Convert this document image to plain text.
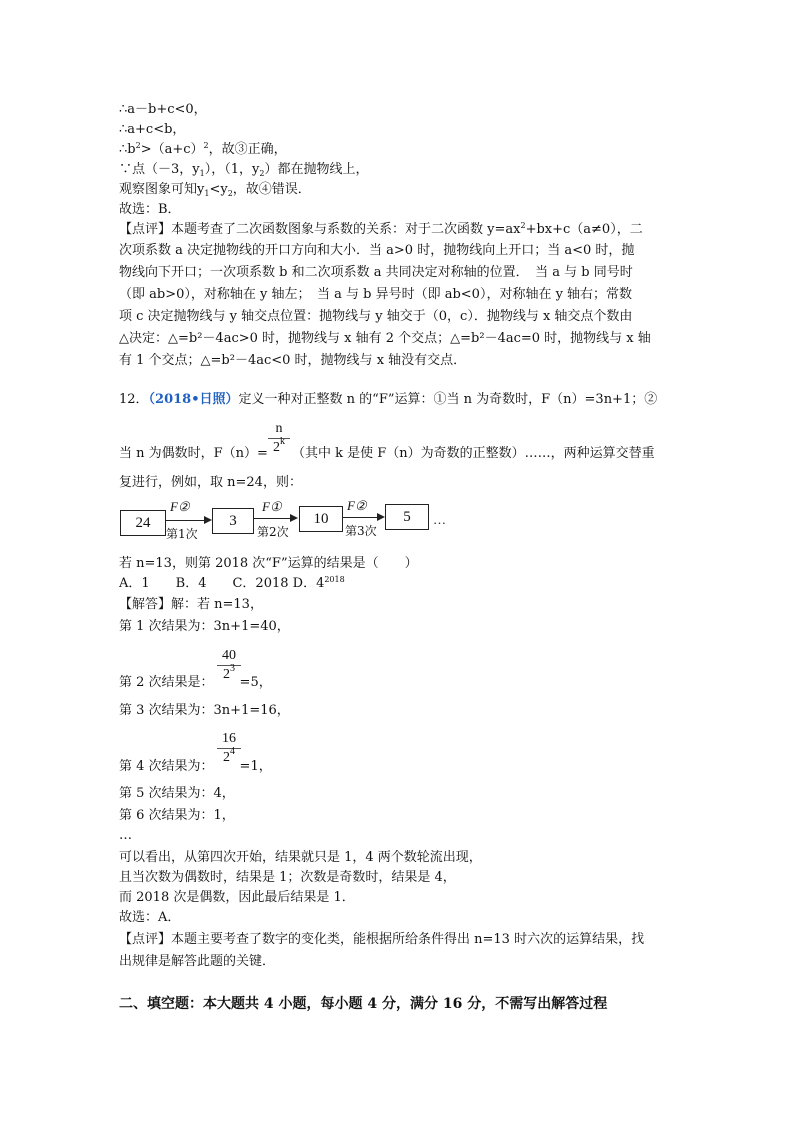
∴a－b+c<0，
∴a+c<b，
$\therefore b^2>(a+c)^2$，故③正确，
∵点（－3，$y_1$），（1，$y_2$）都在抛物线上，
观察图象可知$y_1<y_2$，故④错误．
故选：B．
【点评】本题考查了二次函数图象与系数的关系：对于二次函数 $y=ax^2+bx+c(a\ne 0)$，二
次项系数 a 决定抛物线的开口方向和大小．当 a>0 时，抛物线向上开口；当 a<0 时，抛
物线向下开口；一次项系数 b 和二次项系数 a 共同决定对称轴的位置．　当 a 与 b 同号时
（即 ab>0），对称轴在 y 轴左；　当 a 与 b 异号时（即 ab<0），对称轴在 y 轴右；常数
项 c 决定抛物线与 y 轴交点位置：抛物线与 y 轴交于（0，c）．抛物线与 x 轴交点个数由
△决定：△=b²－4ac>0 时，抛物线与 x 轴有 2 个交点；△=b²－4ac=0 时，抛物线与 x 轴
有 1 个交点；△=b²－4ac<0 时，抛物线与 x 轴没有交点．
12．（2018•日照）定义一种对正整数 n 的“F”运算：①当 n 为奇数时，F（n）=3n+1；②
n
2$^k$
当 n 为偶数时，F（n）= （其中 k 是使 F（n）为奇数的正整数）……，两种运算交替重
复进行，例如，取 n=24，则：
24
F②
第1次
3
F①
第2次
10
F②
第3次
5	…
若 n=13，则第 2018 次“F”运算的结果是（　　）
A．1　　B．4　　C．2018 D．$4^{2018}$
【解答】解：若 n=13，
第 1 次结果为：3n+1=40，
40
$2^3$
第 2 次结果是： =5，
第 3 次结果为：3n+1=16，
16
$2^4$
第 4 次结果为： =1，
第 5 次结果为：4，
第 6 次结果为：1，
…
可以看出，从第四次开始，结果就只是 1，4 两个数轮流出现，
且当次数为偶数时，结果是 1；次数是奇数时，结果是 4，
而 2018 次是偶数，因此最后结果是 1．
故选：A．
【点评】本题主要考查了数字的变化类，能根据所给条件得出 n=13 时六次的运算结果，找
出规律是解答此题的关键．
二、填空题：本大题共 4 小题，每小题 4 分，满分 16 分，不需写出解答过程
